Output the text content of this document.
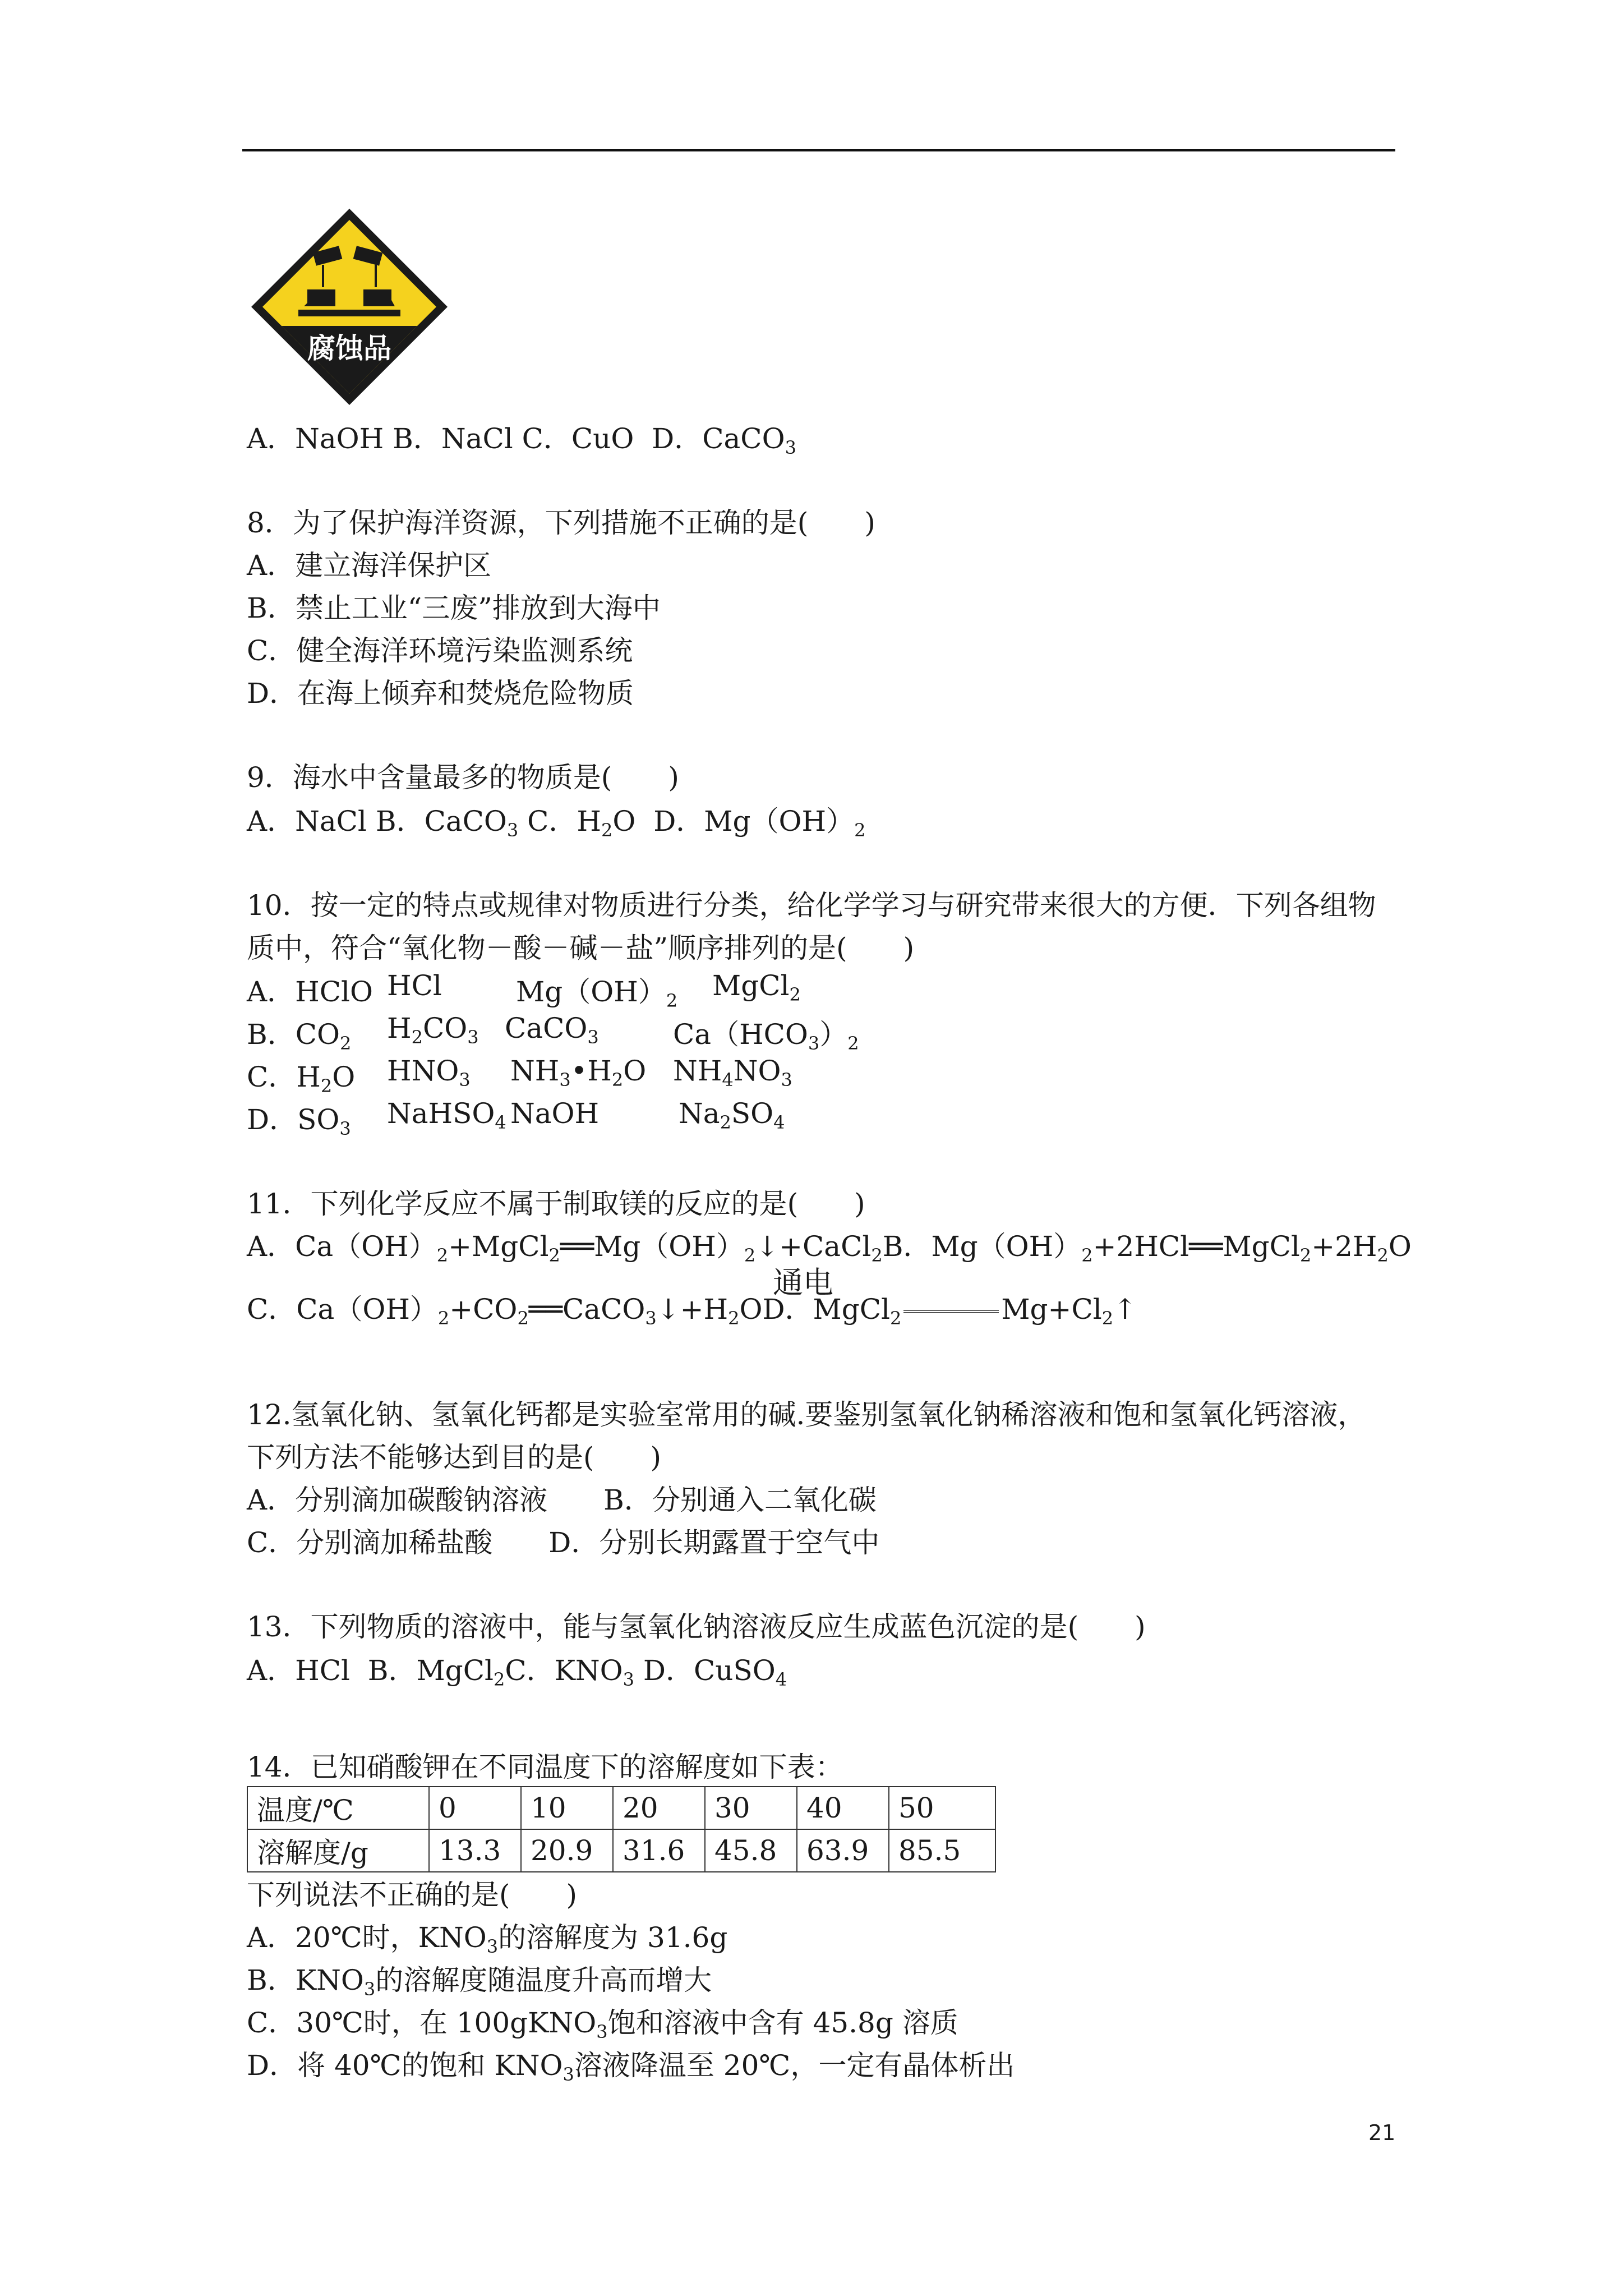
腐蚀品
A．NaOH B．NaCl C．CuO D．CaCO$_3$
8．为了保护海洋资源，下列措施不正确的是(　　)
A．建立海洋保护区
B．禁止工业“三废”排放到大海中
C．健全海洋环境污染监测系统
D．在海上倾弃和焚烧危险物质
9．海水中含量最多的物质是(　　)
A．NaCl B．CaCO$_3$ C．$H_2O$ D．$Mg(OH)_2$
10．按一定的特点或规律对物质进行分类，给化学学习与研究带来很大的方便．下列各组物
质中，符合“氧化物－酸－碱－盐”顺序排列的是(　　)
A．HClO HCl	$Mg(OH)_2$ MgCl$_2$
B．$CO_2$ $H_2CO_3$ CaCO$_3$	$Ca(HCO_3)_2$
C．$H_2O$ $HNO_3$ $NH_3•H_2O$ $NH_4NO_3$
D．$SO_3$ NaHSO$_4$ NaOH	$Na_2SO_4$
11．下列化学反应不属于制取镁的反应的是(　　)
A．$Ca(OH)_2+MgCl_2══Mg(OH)_2↓+CaCl_2B$．$Mg(OH)_2+2HCl══MgCl_2+2H_2O$
通电
C．$Ca(OH)_2+CO_2══CaCO_3↓+H_2OD$．MgCl$_2$	$Mg+Cl_2↑$
12.氢氧化钠、氢氧化钙都是实验室常用的碱.要鉴别氢氧化钠稀溶液和饱和氢氧化钙溶液，
下列方法不能够达到目的是(　　)
A．分别滴加碳酸钠溶液　　B．分别通入二氧化碳
C．分别滴加稀盐酸　　D．分别长期露置于空气中
13．下列物质的溶液中，能与氢氧化钠溶液反应生成蓝色沉淀的是(　　)
A．HCl  B．MgCl$_2$C．$KNO_3$ D．CuSO$_4$
14．已知硝酸钾在不同温度下的溶解度如下表：
温度/℃	0	10	20	30	40	50
溶解度/g	13.3	20.9	31.6	45.8	63.9	85.5
下列说法不正确的是(　　)
A．20℃时，$KNO_3$的溶解度为 31.6g
B．$KNO_3$的溶解度随温度升高而增大
C．30℃时，在 100gKNO$_3$饱和溶液中含有 45.8g 溶质
D．将 40℃的饱和 $KNO_3$溶液降温至 20℃，一定有晶体析出
21
